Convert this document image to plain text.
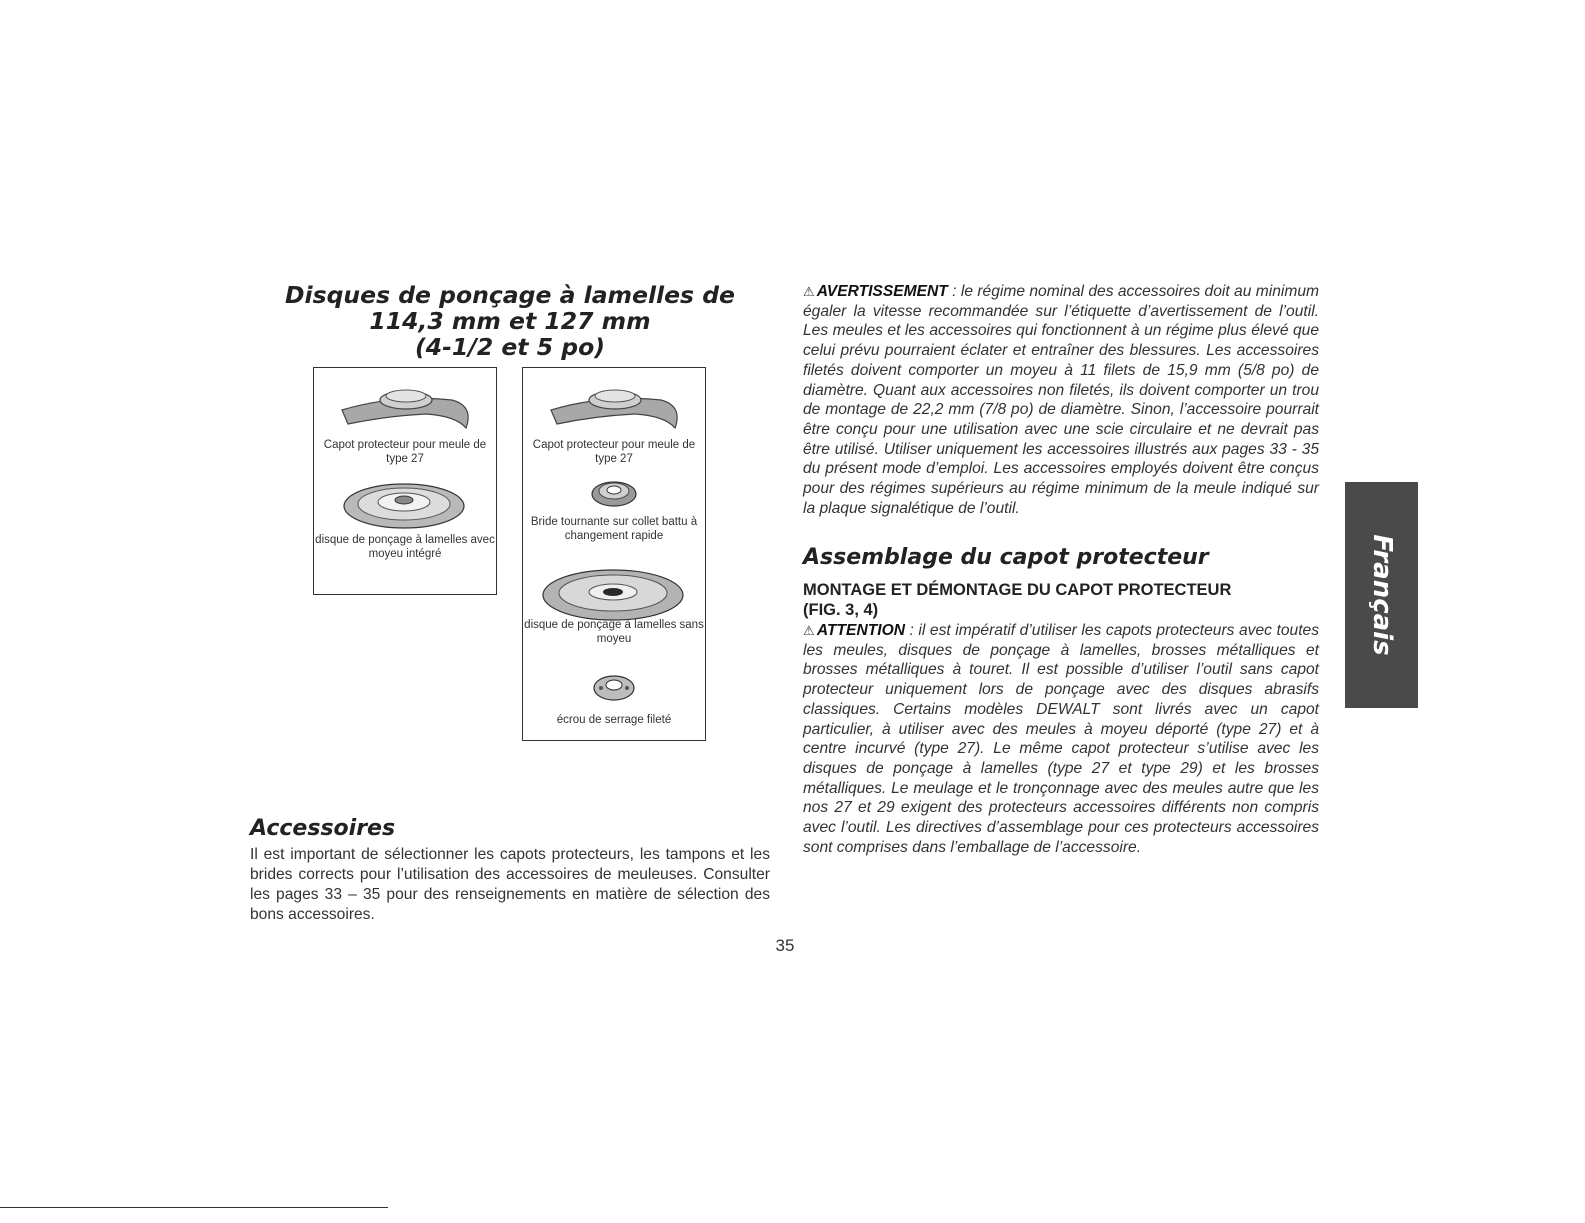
Disques de ponçage à lamelles de
114,3 mm et 127 mm
(4-1/2 et 5 po)

Capot protecteur pour meule de type 27

disque de ponçage à lamelles avec moyeu intégré

Capot protecteur pour meule de type 27

Bride tournante sur collet battu à changement rapide

disque de ponçage à lamelles sans moyeu

écrou de serrage fileté

Accessoires

Il est important de sélectionner les capots protecteurs, les tampons et les brides corrects pour l’utilisation des accessoires de meuleuses. Consulter les pages 33 – 35 pour des renseignements en matière de sélection des bons accessoires.

⚠ AVERTISSEMENT : le régime nominal des accessoires doit au minimum égaler la vitesse recommandée sur l’étiquette d’avertissement de l’outil. Les meules et les accessoires qui fonctionnent à un régime plus élevé que celui prévu pourraient éclater et entraîner des blessures. Les accessoires filetés doivent comporter un moyeu à 11 filets de 15,9 mm (5/8 po) de diamètre. Quant aux accessoires non filetés, ils doivent comporter un trou de montage de 22,2 mm (7/8 po) de diamètre. Sinon, l’accessoire pourrait être conçu pour une utilisation avec une scie circulaire et ne devrait pas être utilisé. Utiliser uniquement les accessoires illustrés aux pages 33 - 35 du présent mode d’emploi. Les accessoires employés doivent être conçus pour des régimes supérieurs au régime minimum de la meule indiqué sur la plaque signalétique de l’outil.

Assemblage du capot protecteur
MONTAGE ET DÉMONTAGE DU CAPOT PROTECTEUR
(FIG. 3, 4)

⚠ ATTENTION : il est impératif d’utiliser les capots protecteurs avec toutes les meules, disques de ponçage à lamelles, brosses métalliques et brosses métalliques à touret. Il est possible d’utiliser l’outil sans capot protecteur uniquement lors de ponçage avec des disques abrasifs classiques. Certains modèles DEWALT sont livrés avec un capot particulier, à utiliser avec des meules à moyeu déporté (type 27) et à centre incurvé (type 27). Le même capot protecteur s’utilise avec les disques de ponçage à lamelles (type 27 et type 29) et les brosses métalliques. Le meulage et le tronçonnage avec des meules autre que les nos 27 et 29 exigent des protecteurs accessoires différents non compris avec l’outil. Les directives d’assemblage pour ces protecteurs accessoires sont comprises dans l’emballage de l’accessoire.

Français
35
